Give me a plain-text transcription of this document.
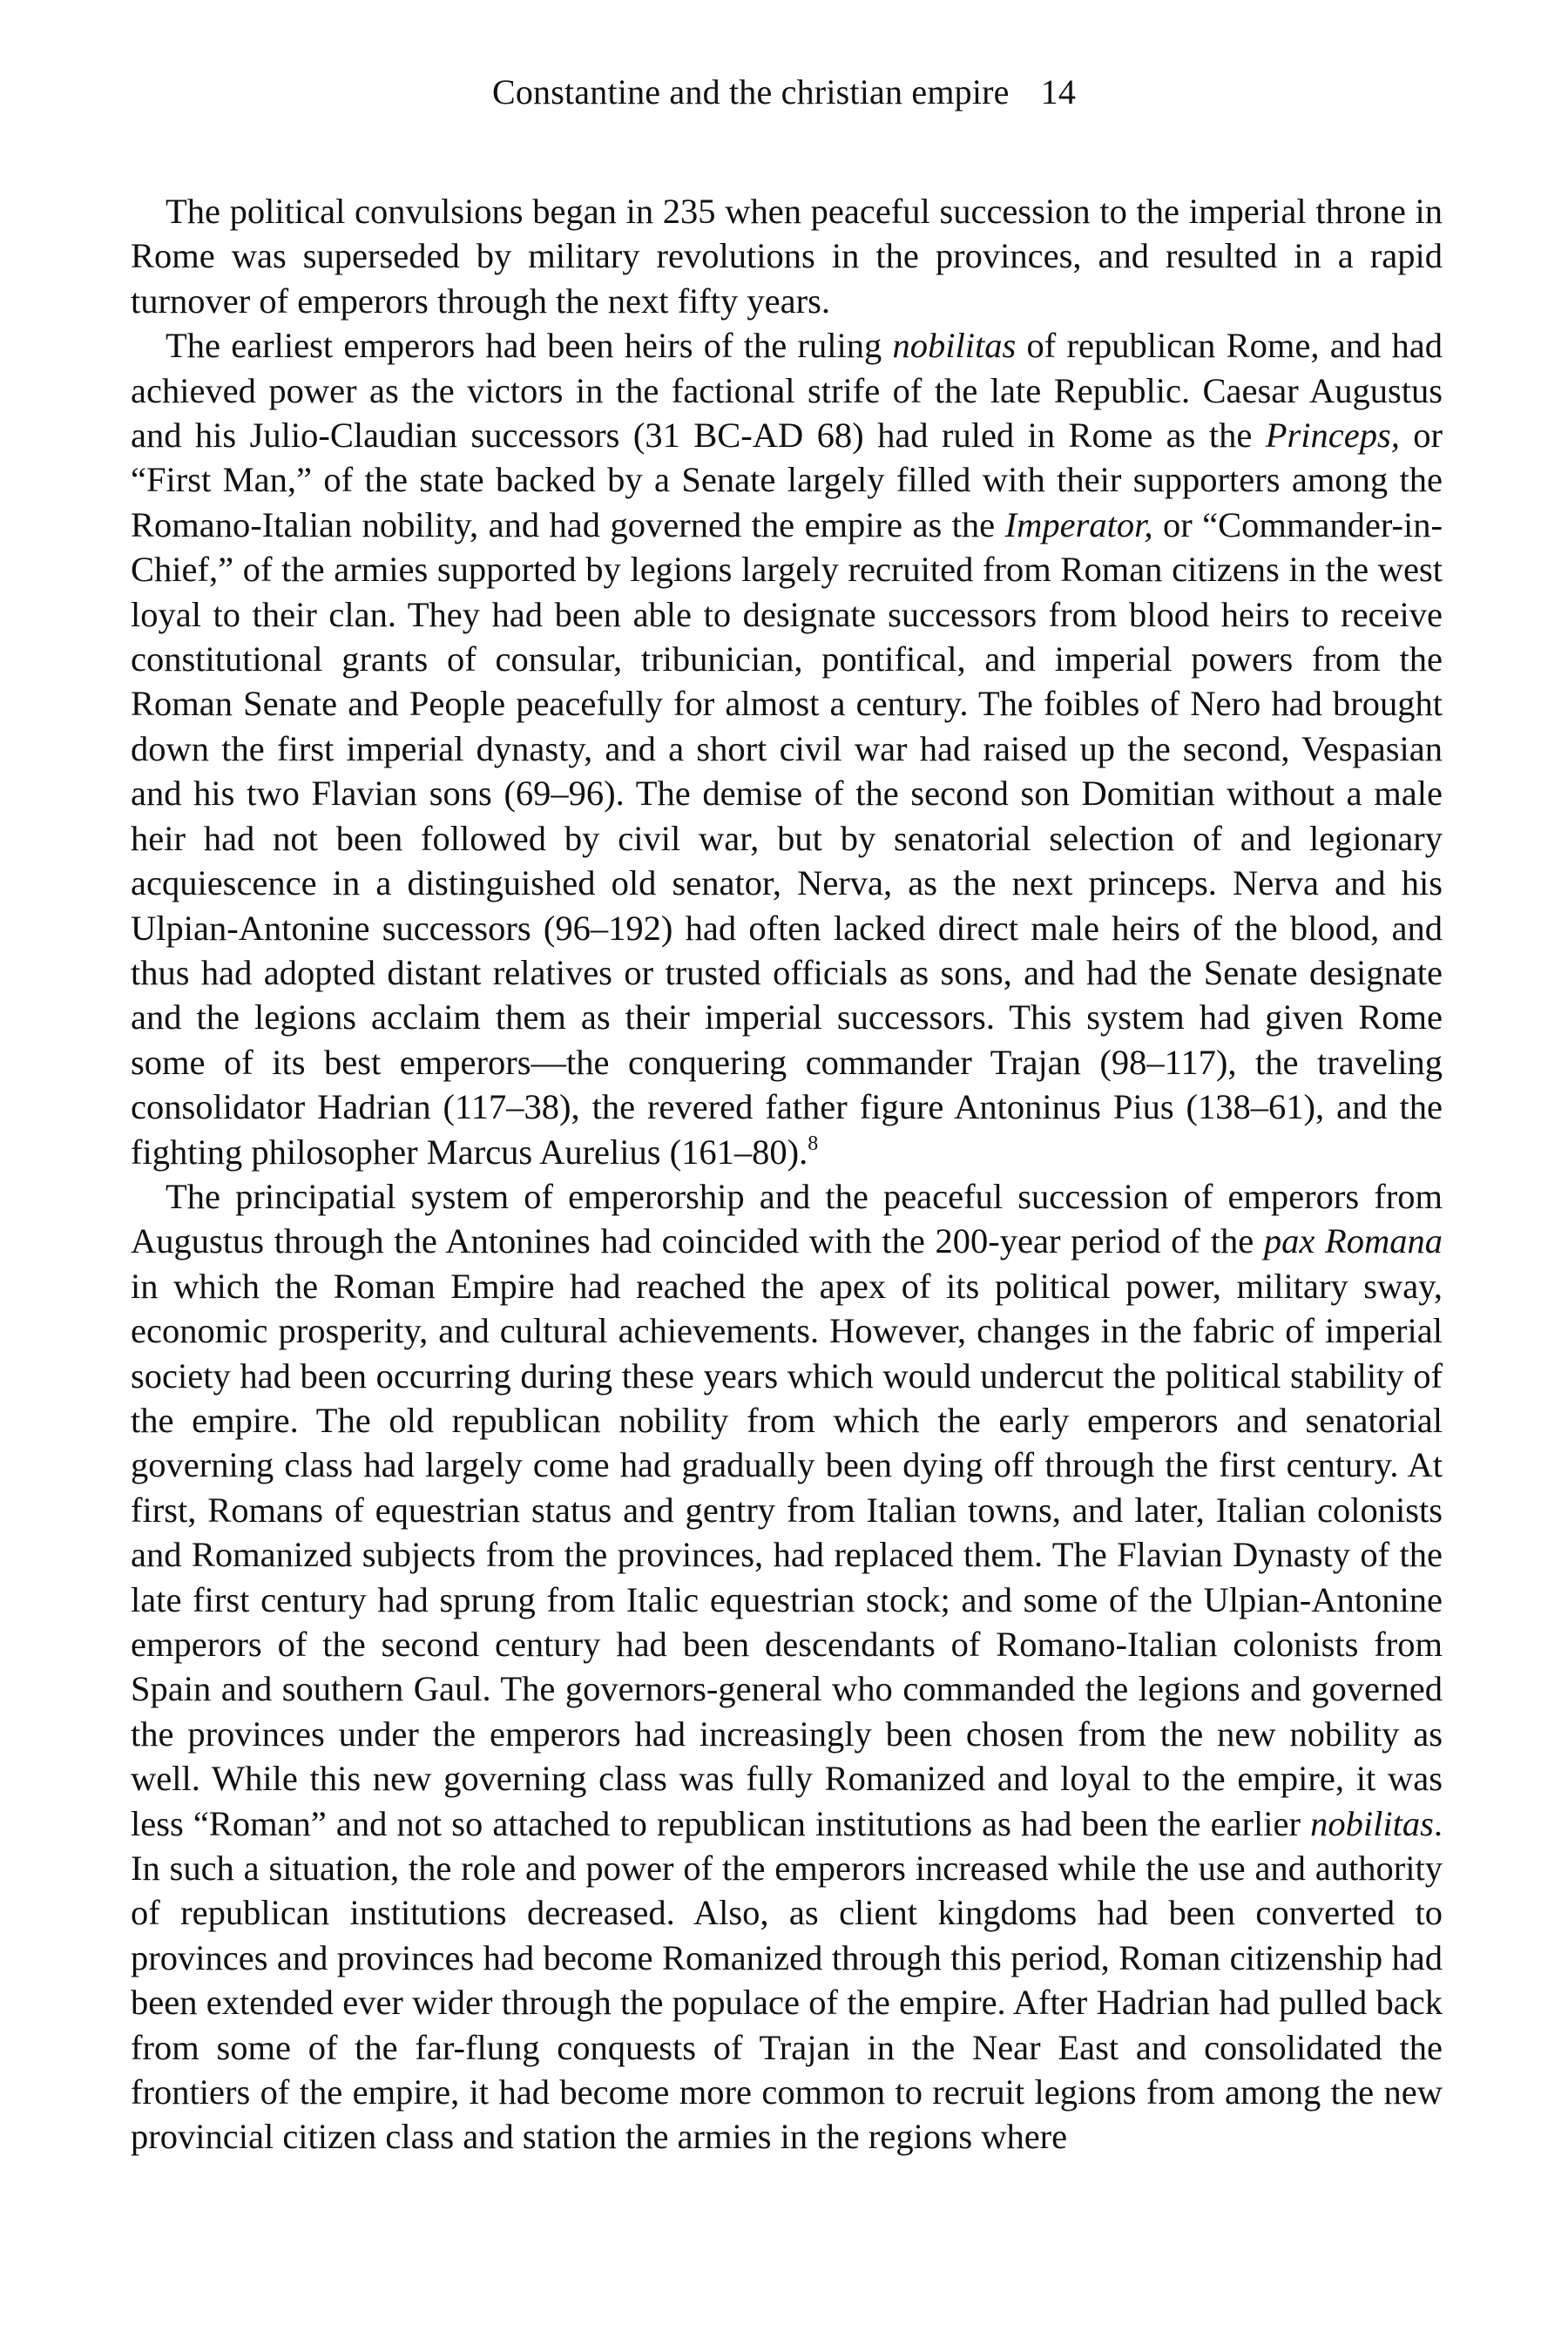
Constantine and the christian empire 14

The political convulsions began in 235 when peaceful succession to the imperial throne in Rome was superseded by military revolutions in the provinces, and resulted in a rapid turnover of emperors through the next fifty years.

The earliest emperors had been heirs of the ruling nobilitas of republican Rome, and had achieved power as the victors in the factional strife of the late Republic. Caesar Augustus and his Julio-Claudian successors (31 BC-AD 68) had ruled in Rome as the Princeps, or “First Man,” of the state backed by a Senate largely filled with their supporters among the Romano-Italian nobility, and had governed the empire as the Imperator, or “Commander-in-Chief,” of the armies supported by legions largely recruited from Roman citizens in the west loyal to their clan. They had been able to designate successors from blood heirs to receive constitutional grants of consular, tribunician, pontifical, and imperial powers from the Roman Senate and People peacefully for almost a century. The foibles of Nero had brought down the first imperial dynasty, and a short civil war had raised up the second, Vespasian and his two Flavian sons (69–96). The demise of the second son Domitian without a male heir had not been followed by civil war, but by senatorial selection of and legionary acquiescence in a distinguished old senator, Nerva, as the next princeps. Nerva and his Ulpian-Antonine successors (96–192) had often lacked direct male heirs of the blood, and thus had adopted distant relatives or trusted officials as sons, and had the Senate designate and the legions acclaim them as their imperial successors. This system had given Rome some of its best emperors—the conquering commander Trajan (98–117), the traveling consolidator Hadrian (117–38), the revered father figure Antoninus Pius (138–61), and the fighting philosopher Marcus Aurelius (161–80).$^8$

The principatial system of emperorship and the peaceful succession of emperors from Augustus through the Antonines had coincided with the 200-year period of the pax Romana in which the Roman Empire had reached the apex of its political power, military sway, economic prosperity, and cultural achievements. However, changes in the fabric of imperial society had been occurring during these years which would undercut the political stability of the empire. The old republican nobility from which the early emperors and senatorial governing class had largely come had gradually been dying off through the first century. At first, Romans of equestrian status and gentry from Italian towns, and later, Italian colonists and Romanized subjects from the provinces, had replaced them. The Flavian Dynasty of the late first century had sprung from Italic equestrian stock; and some of the Ulpian-Antonine emperors of the second century had been descendants of Romano-Italian colonists from Spain and southern Gaul. The governors-general who commanded the legions and governed the provinces under the emperors had increasingly been chosen from the new nobility as well. While this new governing class was fully Romanized and loyal to the empire, it was less “Roman” and not so attached to republican institutions as had been the earlier nobilitas. In such a situation, the role and power of the emperors increased while the use and authority of republican institutions decreased. Also, as client kingdoms had been converted to provinces and provinces had become Romanized through this period, Roman citizenship had been extended ever wider through the populace of the empire. After Hadrian had pulled back from some of the far-flung conquests of Trajan in the Near East and consolidated the frontiers of the empire, it had become more common to recruit legions from among the new provincial citizen class and station the armies in the regions where
